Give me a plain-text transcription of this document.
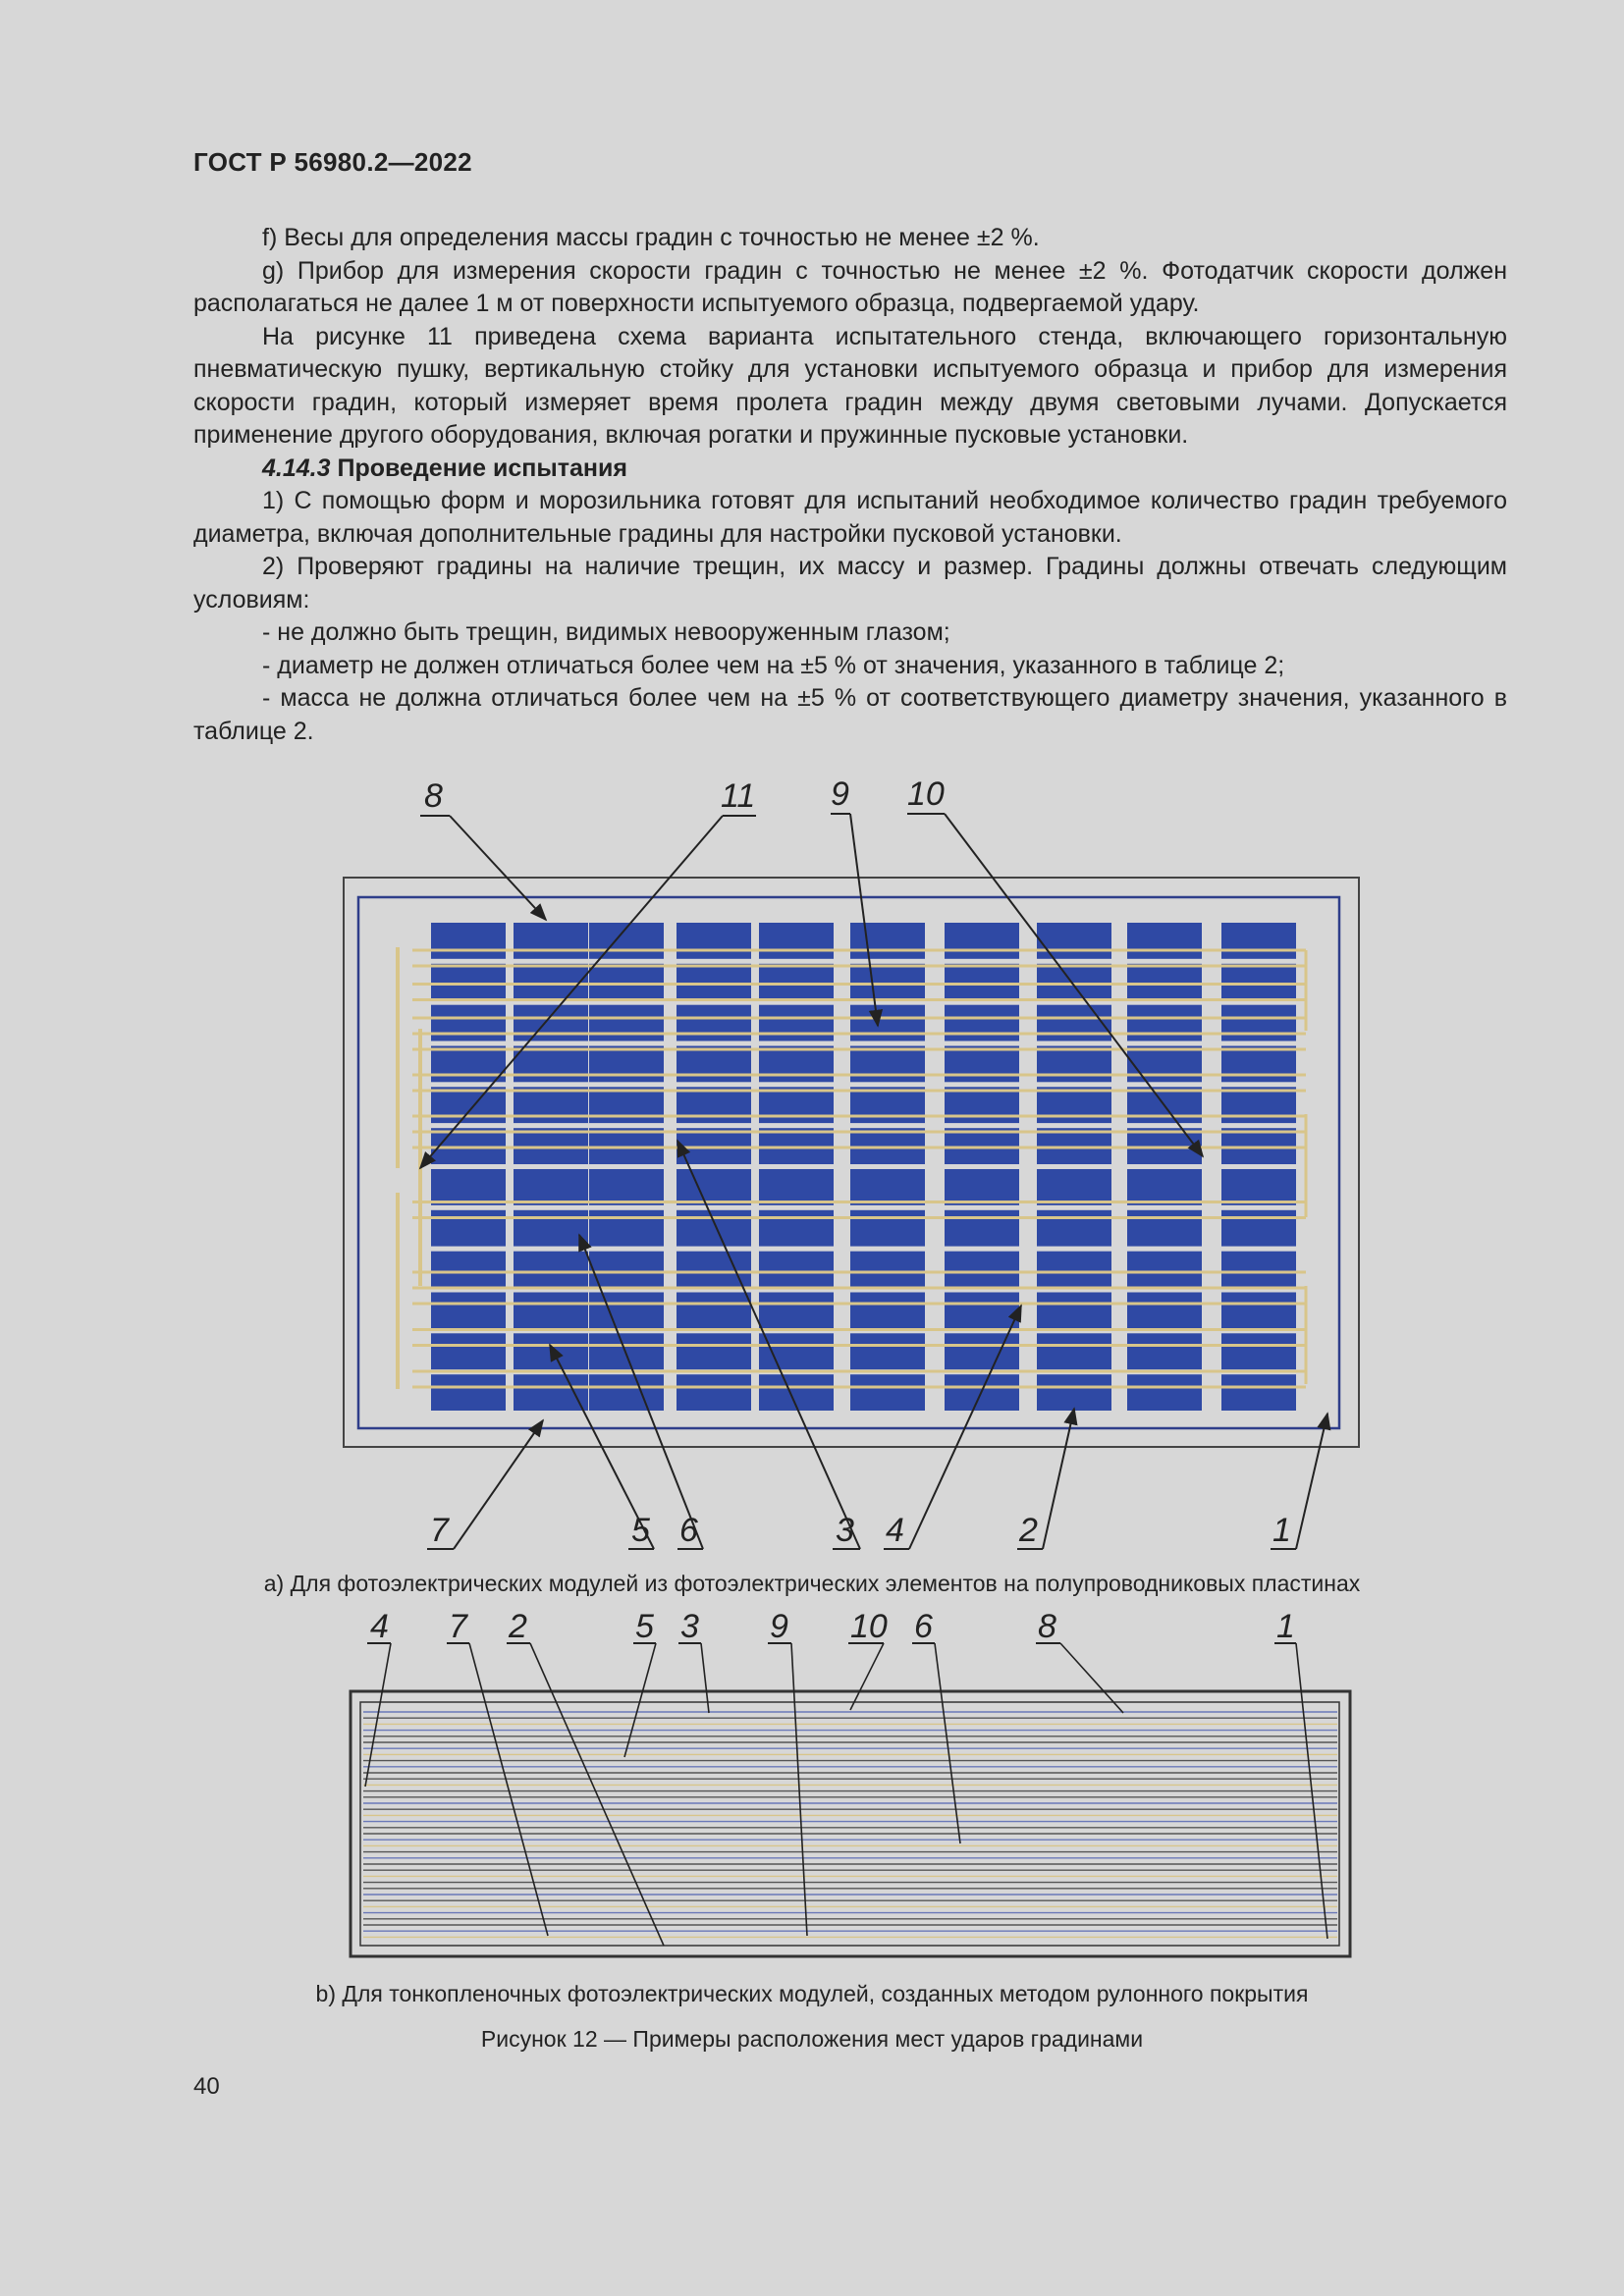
ГОСТ Р 56980.2—2022

f) Весы для определения массы градин с точностью не менее ±2 %.

g) Прибор для измерения скорости градин с точностью не менее ±2 %. Фотодатчик скорости должен располагаться не далее 1 м от поверхности испытуемого образца, подвергаемой удару.

На рисунке 11 приведена схема варианта испытательного стенда, включающего горизонтальную пневматическую пушку, вертикальную стойку для установки испытуемого образца и прибор для измерения скорости градин, который измеряет время пролета градин между двумя световыми лучами. Допускается применение другого оборудования, включая рогатки и пружинные пусковые установки.

4.14.3 Проведение испытания

1) С помощью форм и морозильника готовят для испытаний необходимое количество градин требуемого диаметра, включая дополнительные градины для настройки пусковой установки.

2) Проверяют градины на наличие трещин, их массу и размер. Градины должны отвечать следующим условиям:

- не должно быть трещин, видимых невооруженным глазом;

- диаметр не должен отличаться более чем на ±5 % от значения, указанного в таблице 2;

- масса не должна отличаться более чем на ±5 % от соответствующего диаметру значения, указанного в таблице 2.

8	11 9 10
7	5 6	3 4	2	1
4 7 2	5 3 9 10 6	8	1
а) Для фотоэлектрических модулей из фотоэлектрических элементов на полупроводниковых пластинах
b) Для тонкопленочных фотоэлектрических модулей, созданных методом рулонного покрытия
Рисунок 12 — Примеры расположения мест ударов градинами
40
